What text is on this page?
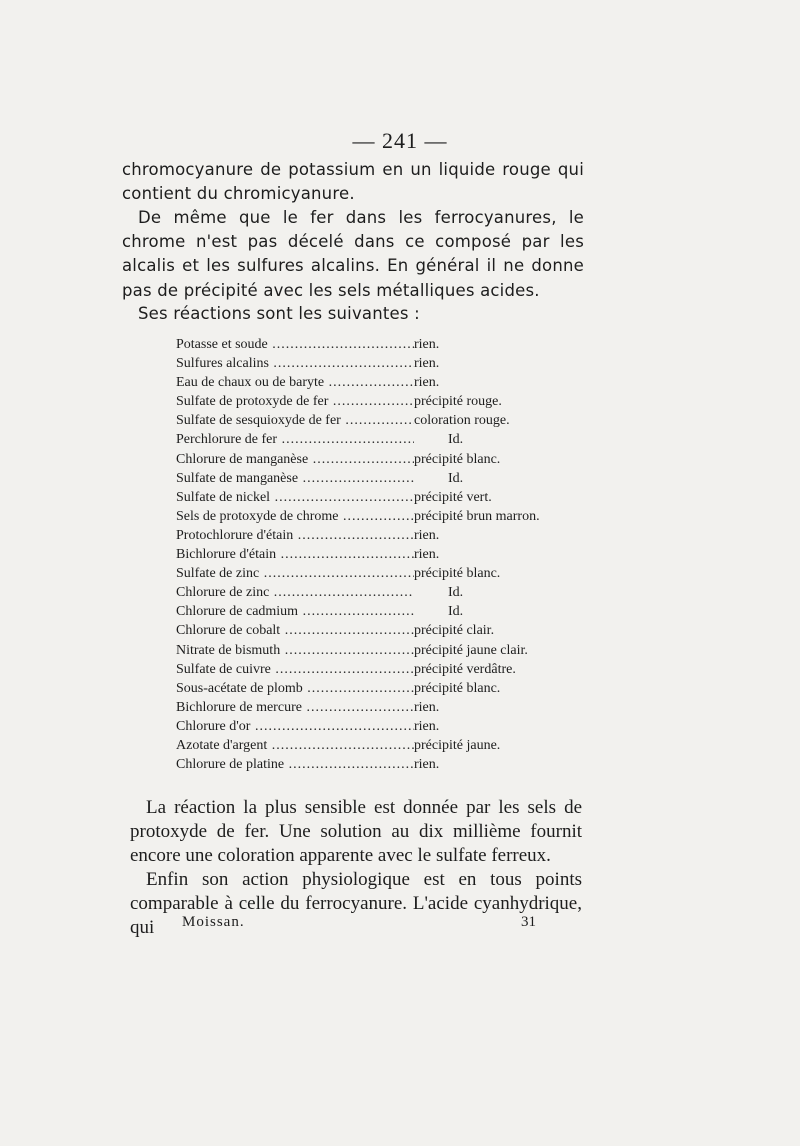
— 241 —

chromocyanure de potassium en un liquide rouge qui contient du chromicyanure.

De même que le fer dans les ferrocyanures, le chrome n'est pas décelé dans ce composé par les alcalis et les sulfures alcalins. En général il ne donne pas de précipité avec les sels métalliques acides.

Ses réactions sont les suivantes :

Potasse et soude .....	rien.
Sulfures alcalins .....	rien.
Eau de chaux ou de baryte .....	rien.
Sulfate de protoxyde de fer .....	précipité rouge.
Sulfate de sesquioxyde de fer .....	coloration rouge.
Perchlorure de fer .....	Id.
Chlorure de manganèse .....	précipité blanc.
Sulfate de manganèse .....	Id.
Sulfate de nickel .....	précipité vert.
Sels de protoxyde de chrome .....	précipité brun marron.
Protochlorure d'étain .....	rien.
Bichlorure d'étain .....	rien.
Sulfate de zinc .....	précipité blanc.
Chlorure de zinc .....	Id.
Chlorure de cadmium .....	Id.
Chlorure de cobalt .....	précipité clair.
Nitrate de bismuth .....	précipité jaune clair.
Sulfate de cuivre .....	précipité verdâtre.
Sous-acétate de plomb .....	précipité blanc.
Bichlorure de mercure .....	rien.
Chlorure d'or .....	rien.
Azotate d'argent .....	précipité jaune.
Chlorure de platine .....	rien.

La réaction la plus sensible est donnée par les sels de protoxyde de fer. Une solution au dix millième fournit encore une coloration apparente avec le sulfate ferreux.

Enfin son action physiologique est en tous points comparable à celle du ferrocyanure. L'acide cyanhydrique, qui	Moissan.	31
